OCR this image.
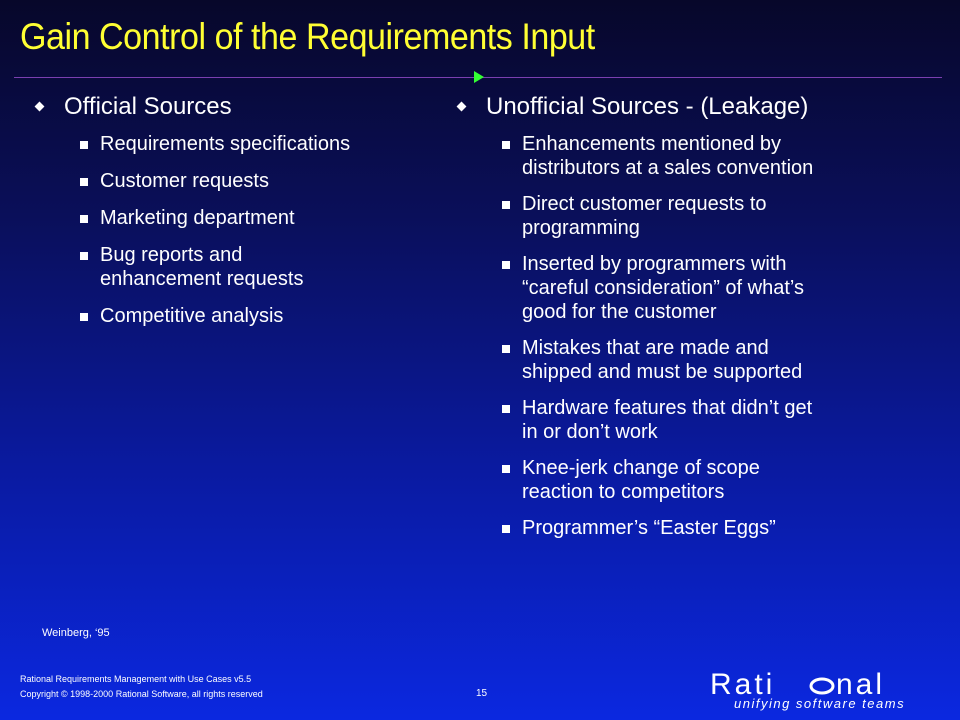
Gain Control of the Requirements Input
Official Sources
Requirements specifications
Customer requests
Marketing department
Bug reports and
enhancement requests
Competitive analysis
Unofficial Sources - (Leakage)
Enhancements mentioned by
distributors at a sales convention
Direct customer requests to
programming
Inserted by programmers with
“careful consideration” of what’s
good for the customer
Mistakes that are made and
shipped and must be supported
Hardware features that didn’t get
in or don’t work
Knee-jerk change of scope
reaction to competitors
Programmer’s “Easter Eggs”
Weinberg, ‘95
Rational Requirements Management with Use Cases v5.5
Copyright © 1998-2000 Rational Software, all rights reserved	15
unifying software teams
Rati nal
